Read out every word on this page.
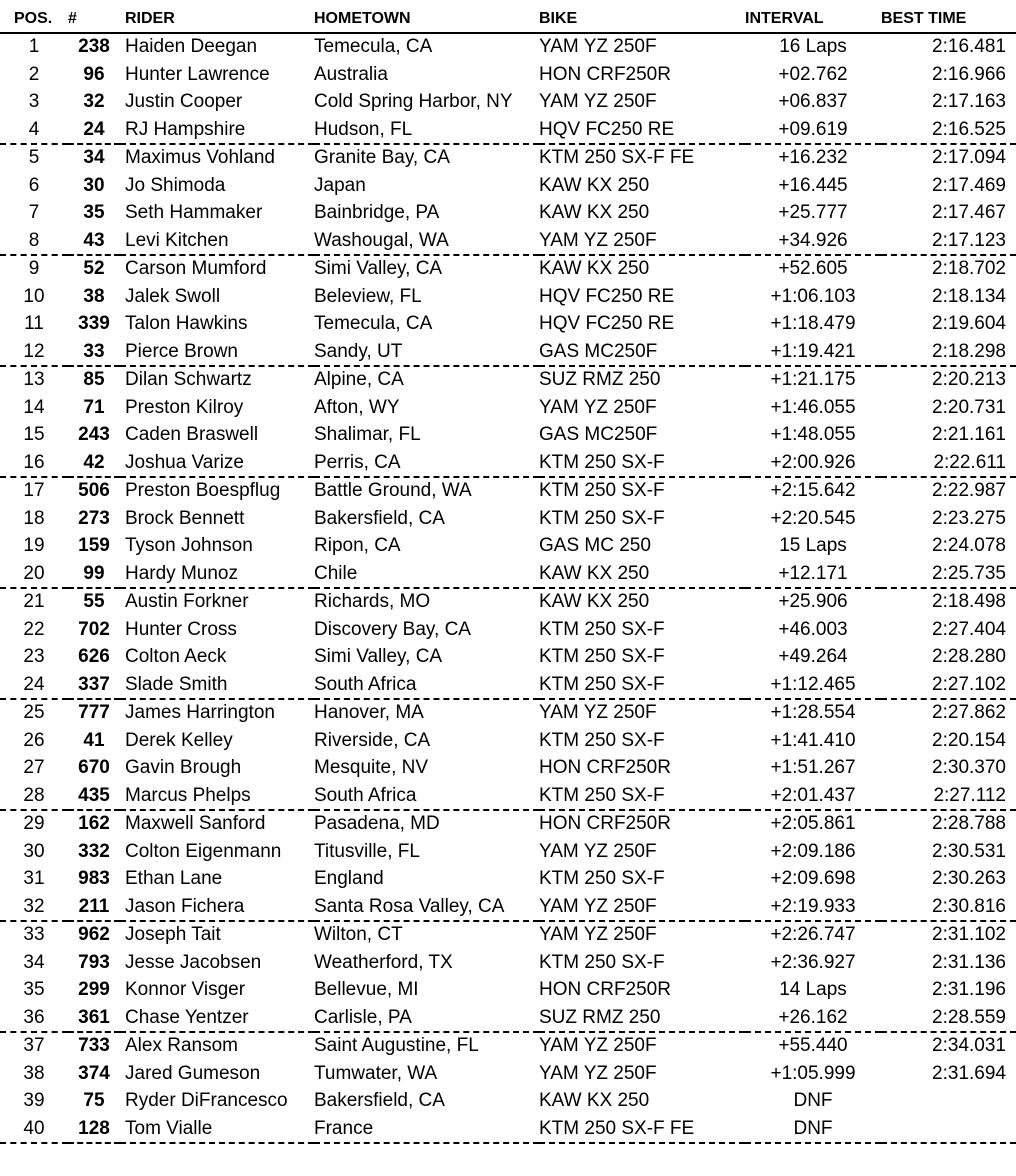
POS.	#	RIDER	HOMETOWN	BIKE	INTERVAL	BEST TIME
1	238	Haiden Deegan	Temecula, CA	YAM YZ 250F	16 Laps	2:16.481
2	96	Hunter Lawrence	Australia	HON CRF250R	+02.762	2:16.966
3	32	Justin Cooper	Cold Spring Harbor, NY	YAM YZ 250F	+06.837	2:17.163
4	24	RJ Hampshire	Hudson, FL	HQV FC250 RE	+09.619	2:16.525
5	34	Maximus Vohland	Granite Bay, CA	KTM 250 SX-F FE	+16.232	2:17.094
6	30	Jo Shimoda	Japan	KAW KX 250	+16.445	2:17.469
7	35	Seth Hammaker	Bainbridge, PA	KAW KX 250	+25.777	2:17.467
8	43	Levi Kitchen	Washougal, WA	YAM YZ 250F	+34.926	2:17.123
9	52	Carson Mumford	Simi Valley, CA	KAW KX 250	+52.605	2:18.702
10	38	Jalek Swoll	Beleview, FL	HQV FC250 RE	+1:06.103	2:18.134
11	339	Talon Hawkins	Temecula, CA	HQV FC250 RE	+1:18.479	2:19.604
12	33	Pierce Brown	Sandy, UT	GAS MC250F	+1:19.421	2:18.298
13	85	Dilan Schwartz	Alpine, CA	SUZ RMZ 250	+1:21.175	2:20.213
14	71	Preston Kilroy	Afton, WY	YAM YZ 250F	+1:46.055	2:20.731
15	243	Caden Braswell	Shalimar, FL	GAS MC250F	+1:48.055	2:21.161
16	42	Joshua Varize	Perris, CA	KTM 250 SX-F	+2:00.926	2:22.611
17	506	Preston Boespflug	Battle Ground, WA	KTM 250 SX-F	+2:15.642	2:22.987
18	273	Brock Bennett	Bakersfield, CA	KTM 250 SX-F	+2:20.545	2:23.275
19	159	Tyson Johnson	Ripon, CA	GAS MC 250	15 Laps	2:24.078
20	99	Hardy Munoz	Chile	KAW KX 250	+12.171	2:25.735
21	55	Austin Forkner	Richards, MO	KAW KX 250	+25.906	2:18.498
22	702	Hunter Cross	Discovery Bay, CA	KTM 250 SX-F	+46.003	2:27.404
23	626	Colton Aeck	Simi Valley, CA	KTM 250 SX-F	+49.264	2:28.280
24	337	Slade Smith	South Africa	KTM 250 SX-F	+1:12.465	2:27.102
25	777	James Harrington	Hanover, MA	YAM YZ 250F	+1:28.554	2:27.862
26	41	Derek Kelley	Riverside, CA	KTM 250 SX-F	+1:41.410	2:20.154
27	670	Gavin Brough	Mesquite, NV	HON CRF250R	+1:51.267	2:30.370
28	435	Marcus Phelps	South Africa	KTM 250 SX-F	+2:01.437	2:27.112
29	162	Maxwell Sanford	Pasadena, MD	HON CRF250R	+2:05.861	2:28.788
30	332	Colton Eigenmann	Titusville, FL	YAM YZ 250F	+2:09.186	2:30.531
31	983	Ethan Lane	England	KTM 250 SX-F	+2:09.698	2:30.263
32	211	Jason Fichera	Santa Rosa Valley, CA	YAM YZ 250F	+2:19.933	2:30.816
33	962	Joseph Tait	Wilton, CT	YAM YZ 250F	+2:26.747	2:31.102
34	793	Jesse Jacobsen	Weatherford, TX	KTM 250 SX-F	+2:36.927	2:31.136
35	299	Konnor Visger	Bellevue, MI	HON CRF250R	14 Laps	2:31.196
36	361	Chase Yentzer	Carlisle, PA	SUZ RMZ 250	+26.162	2:28.559
37	733	Alex Ransom	Saint Augustine, FL	YAM YZ 250F	+55.440	2:34.031
38	374	Jared Gumeson	Tumwater, WA	YAM YZ 250F	+1:05.999	2:31.694
39	75	Ryder DiFrancesco	Bakersfield, CA	KAW KX 250	DNF	
40	128	Tom Vialle	France	KTM 250 SX-F FE	DNF	
